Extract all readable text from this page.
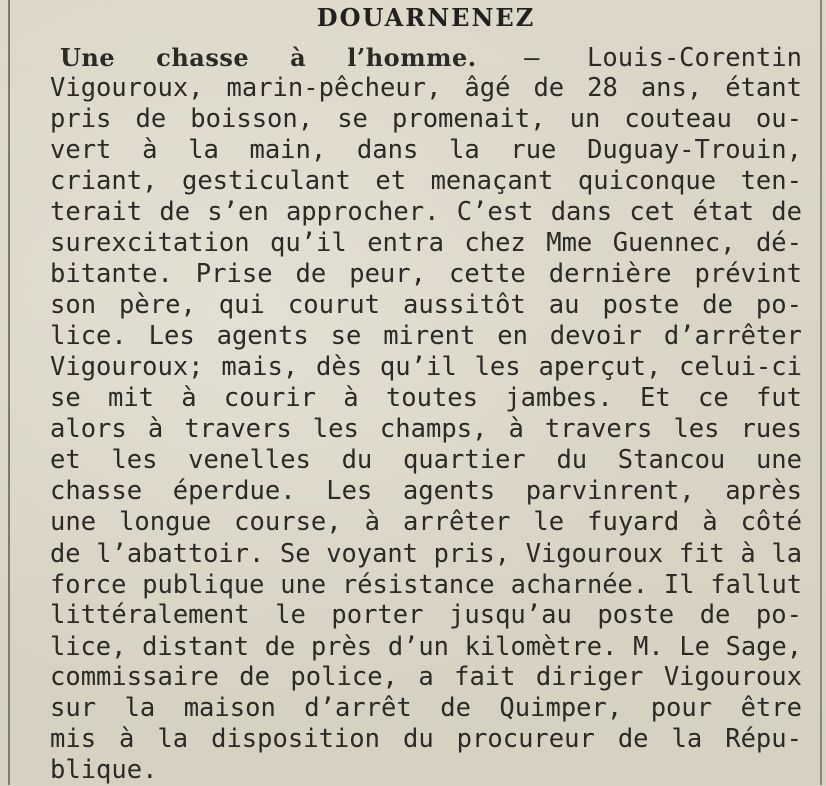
DOUARNENEZ
Une chasse à l’homme. — Louis-Corentin
Vigouroux, marin-pêcheur, âgé de 28 ans, étant
pris de boisson, se promenait, un couteau ou-
vert à la main, dans la rue Duguay-Trouin,
criant, gesticulant et menaçant quiconque ten-
terait de s’en approcher. C’est dans cet état de
surexcitation qu’il entra chez Mme Guennec, dé-
bitante. Prise de peur, cette dernière prévint
son père, qui courut aussitôt au poste de po-
lice. Les agents se mirent en devoir d’arrêter
Vigouroux; mais, dès qu’il les aperçut, celui-ci
se mit à courir à toutes jambes. Et ce fut
alors à travers les champs, à travers les rues
et les venelles du quartier du Stancou une
chasse éperdue. Les agents parvinrent, après
une longue course, à arrêter le fuyard à côté
de l’abattoir. Se voyant pris, Vigouroux fit à la
force publique une résistance acharnée. Il fallut
littéralement le porter jusqu’au poste de po-
lice, distant de près d’un kilomètre. M. Le Sage,
commissaire de police, a fait diriger Vigouroux
sur la maison d’arrêt de Quimper, pour être
mis à la disposition du procureur de la Répu-
blique.
